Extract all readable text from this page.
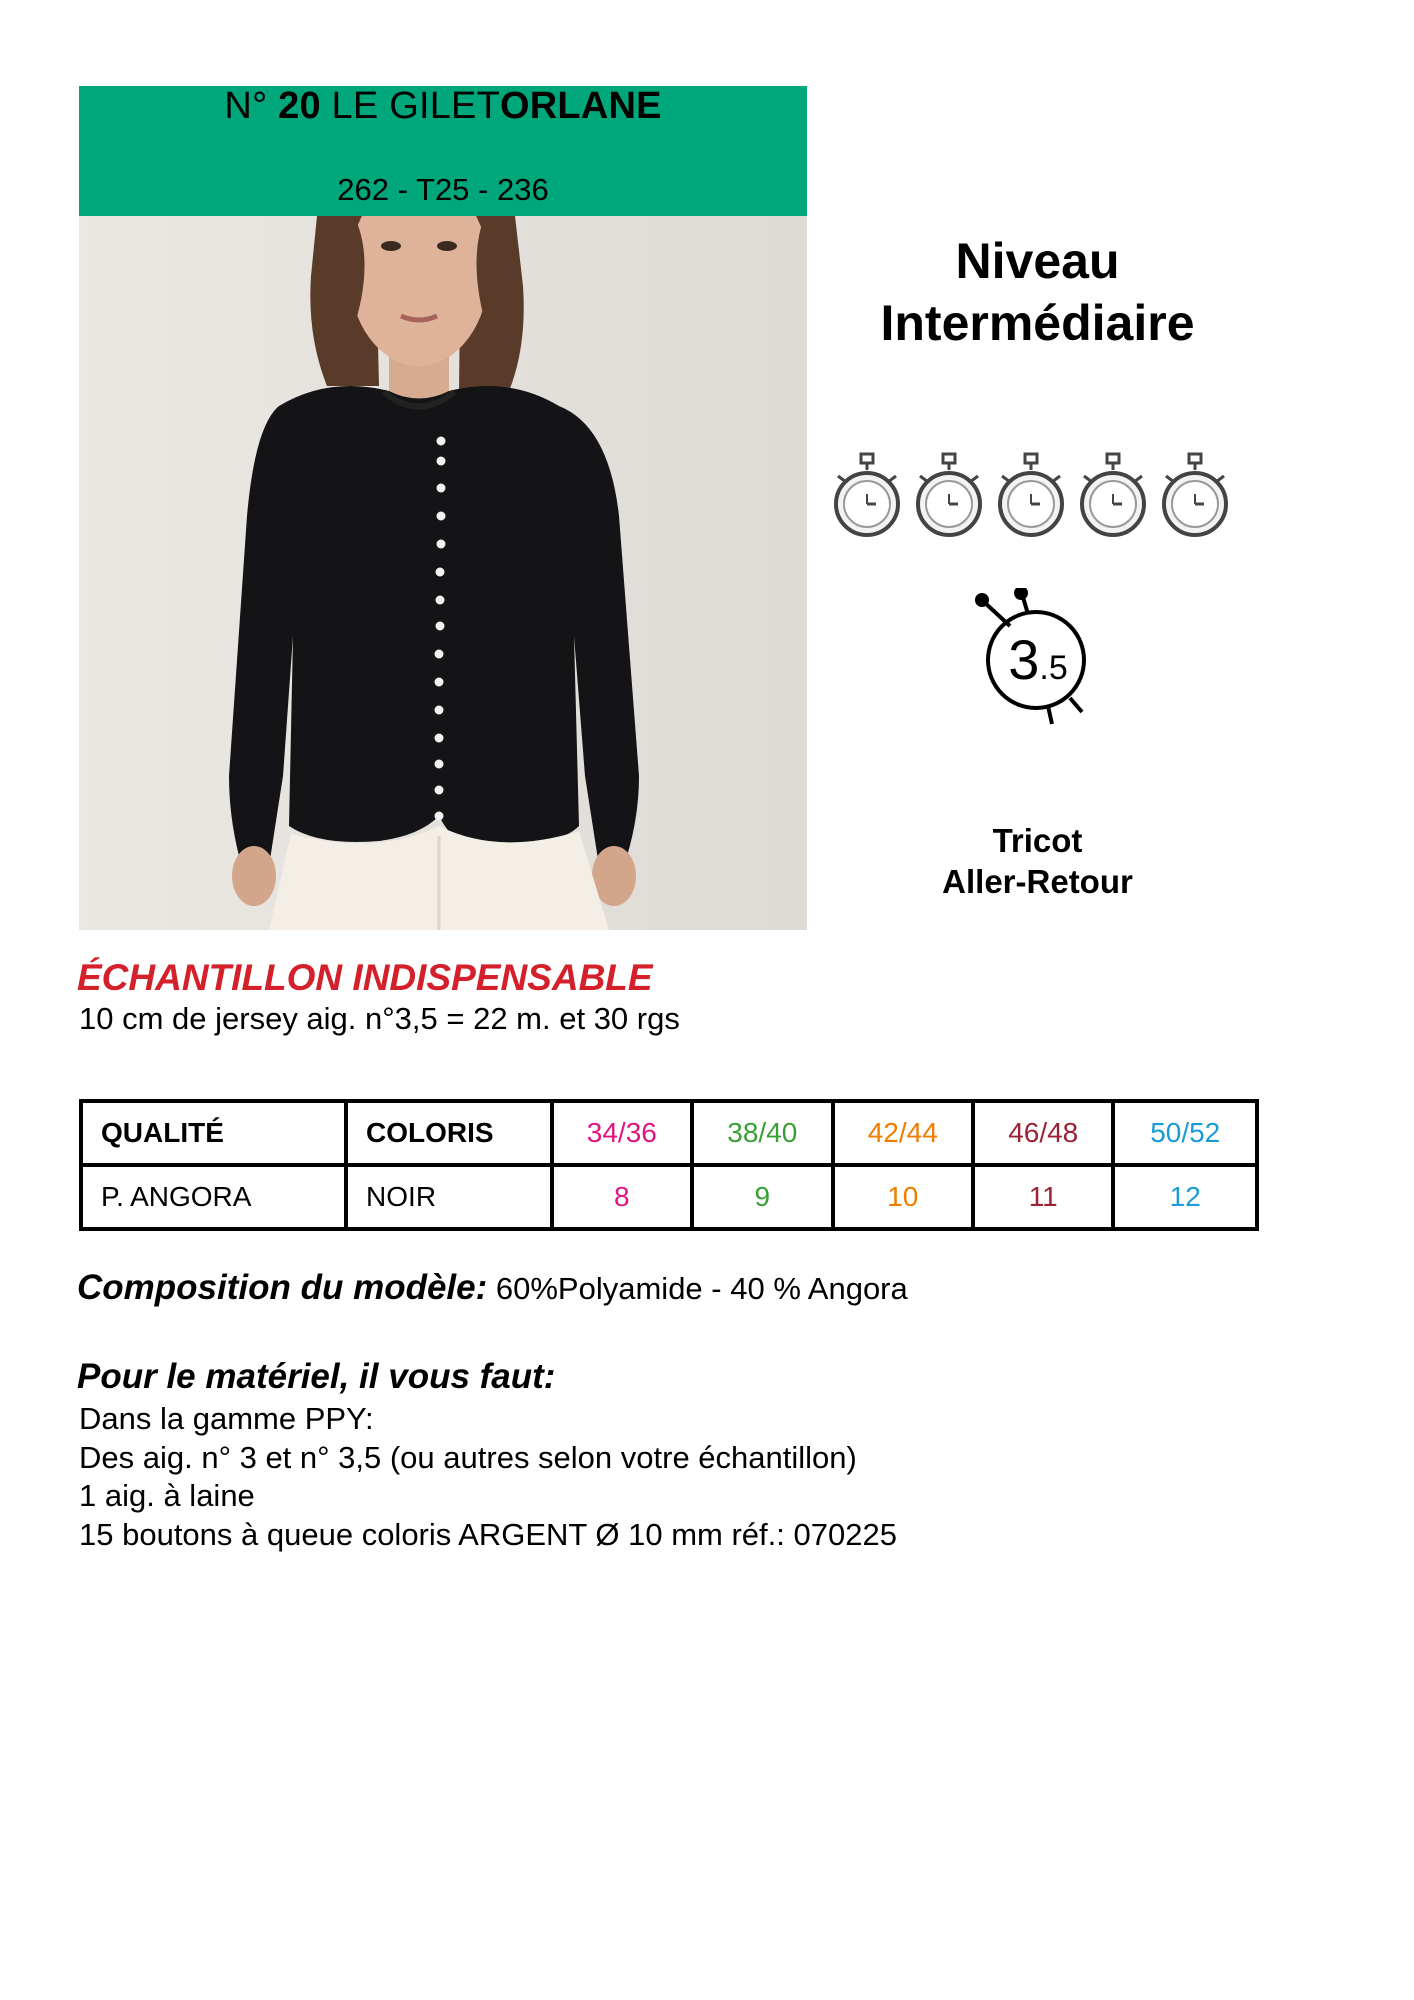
N° 20 LE GILETORLANE
262 - T25 - 236
Niveau
Intermédiaire
3.5
Tricot
Aller-Retour
ÉCHANTILLON INDISPENSABLE
10 cm de jersey aig. n°3,5 = 22 m. et 30 rgs
QUALITÉ	COLORIS	34/36	38/40	42/44	46/48	50/52
P. ANGORA	NOIR	8	9	10	11	12
Composition du modèle: 60%Polyamide - 40 % Angora
Pour le matériel, il vous faut:
Dans la gamme PPY:
Des aig. n° 3 et n° 3,5 (ou autres selon votre échantillon)
1 aig. à laine
15 boutons à queue coloris ARGENT Ø 10 mm réf.: 070225
